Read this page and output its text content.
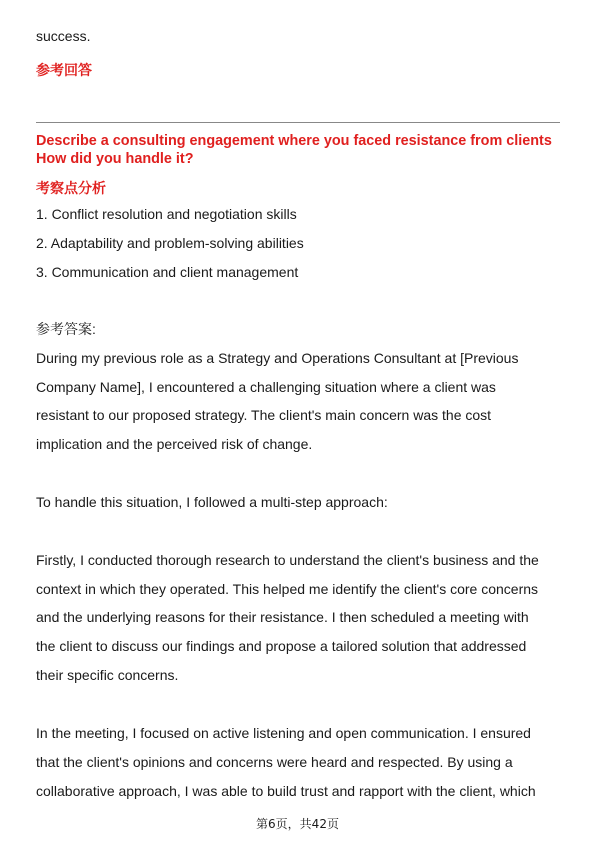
success.
参考回答
Describe a consulting engagement where you faced resistance from clients
How did you handle it?
考察点分析
1. Conflict resolution and negotiation skills
2. Adaptability and problem-solving abilities
3. Communication and client management
参考答案:
During my previous role as a Strategy and Operations Consultant at [Previous
Company Name], I encountered a challenging situation where a client was
resistant to our proposed strategy. The client's main concern was the cost
implication and the perceived risk of change.
To handle this situation, I followed a multi-step approach:
Firstly, I conducted thorough research to understand the client's business and the
context in which they operated. This helped me identify the client's core concerns
and the underlying reasons for their resistance. I then scheduled a meeting with
the client to discuss our findings and propose a tailored solution that addressed
their specific concerns.
In the meeting, I focused on active listening and open communication. I ensured
that the client's opinions and concerns were heard and respected. By using a
collaborative approach, I was able to build trust and rapport with the client, which
第6页，共42页
